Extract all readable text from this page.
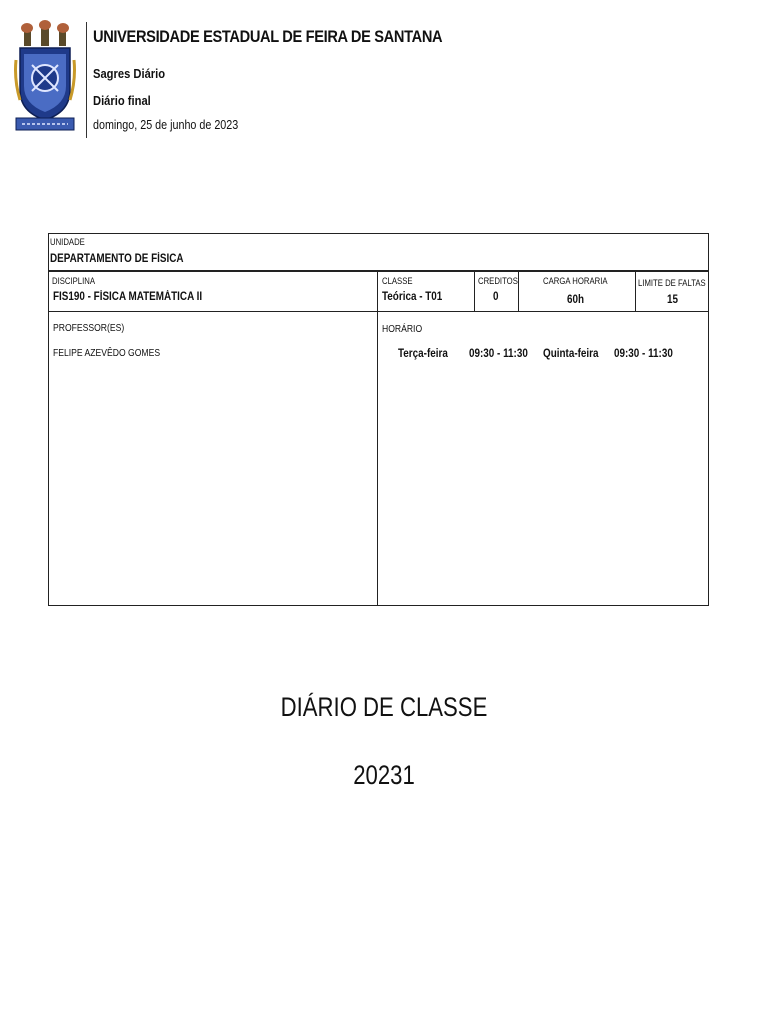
UNIVERSIDADE ESTADUAL DE FEIRA DE SANTANA
Sagres Diário
Diário final
domingo, 25 de junho de 2023
UNIDADE
DEPARTAMENTO DE FÍSICA
DISCIPLINA
FIS190 - FÍSICA MATEMÁTICA II
CLASSE
Teórica - T01
CREDITOS
0
CARGA HORARIA
60h
LIMITE DE FALTAS
15
PROFESSOR(ES)
FELIPE AZEVÊDO GOMES
HORÁRIO
Terça-feira 09:30 - 11:30 Quinta-feira 09:30 - 11:30
DIÁRIO DE CLASSE
20231
